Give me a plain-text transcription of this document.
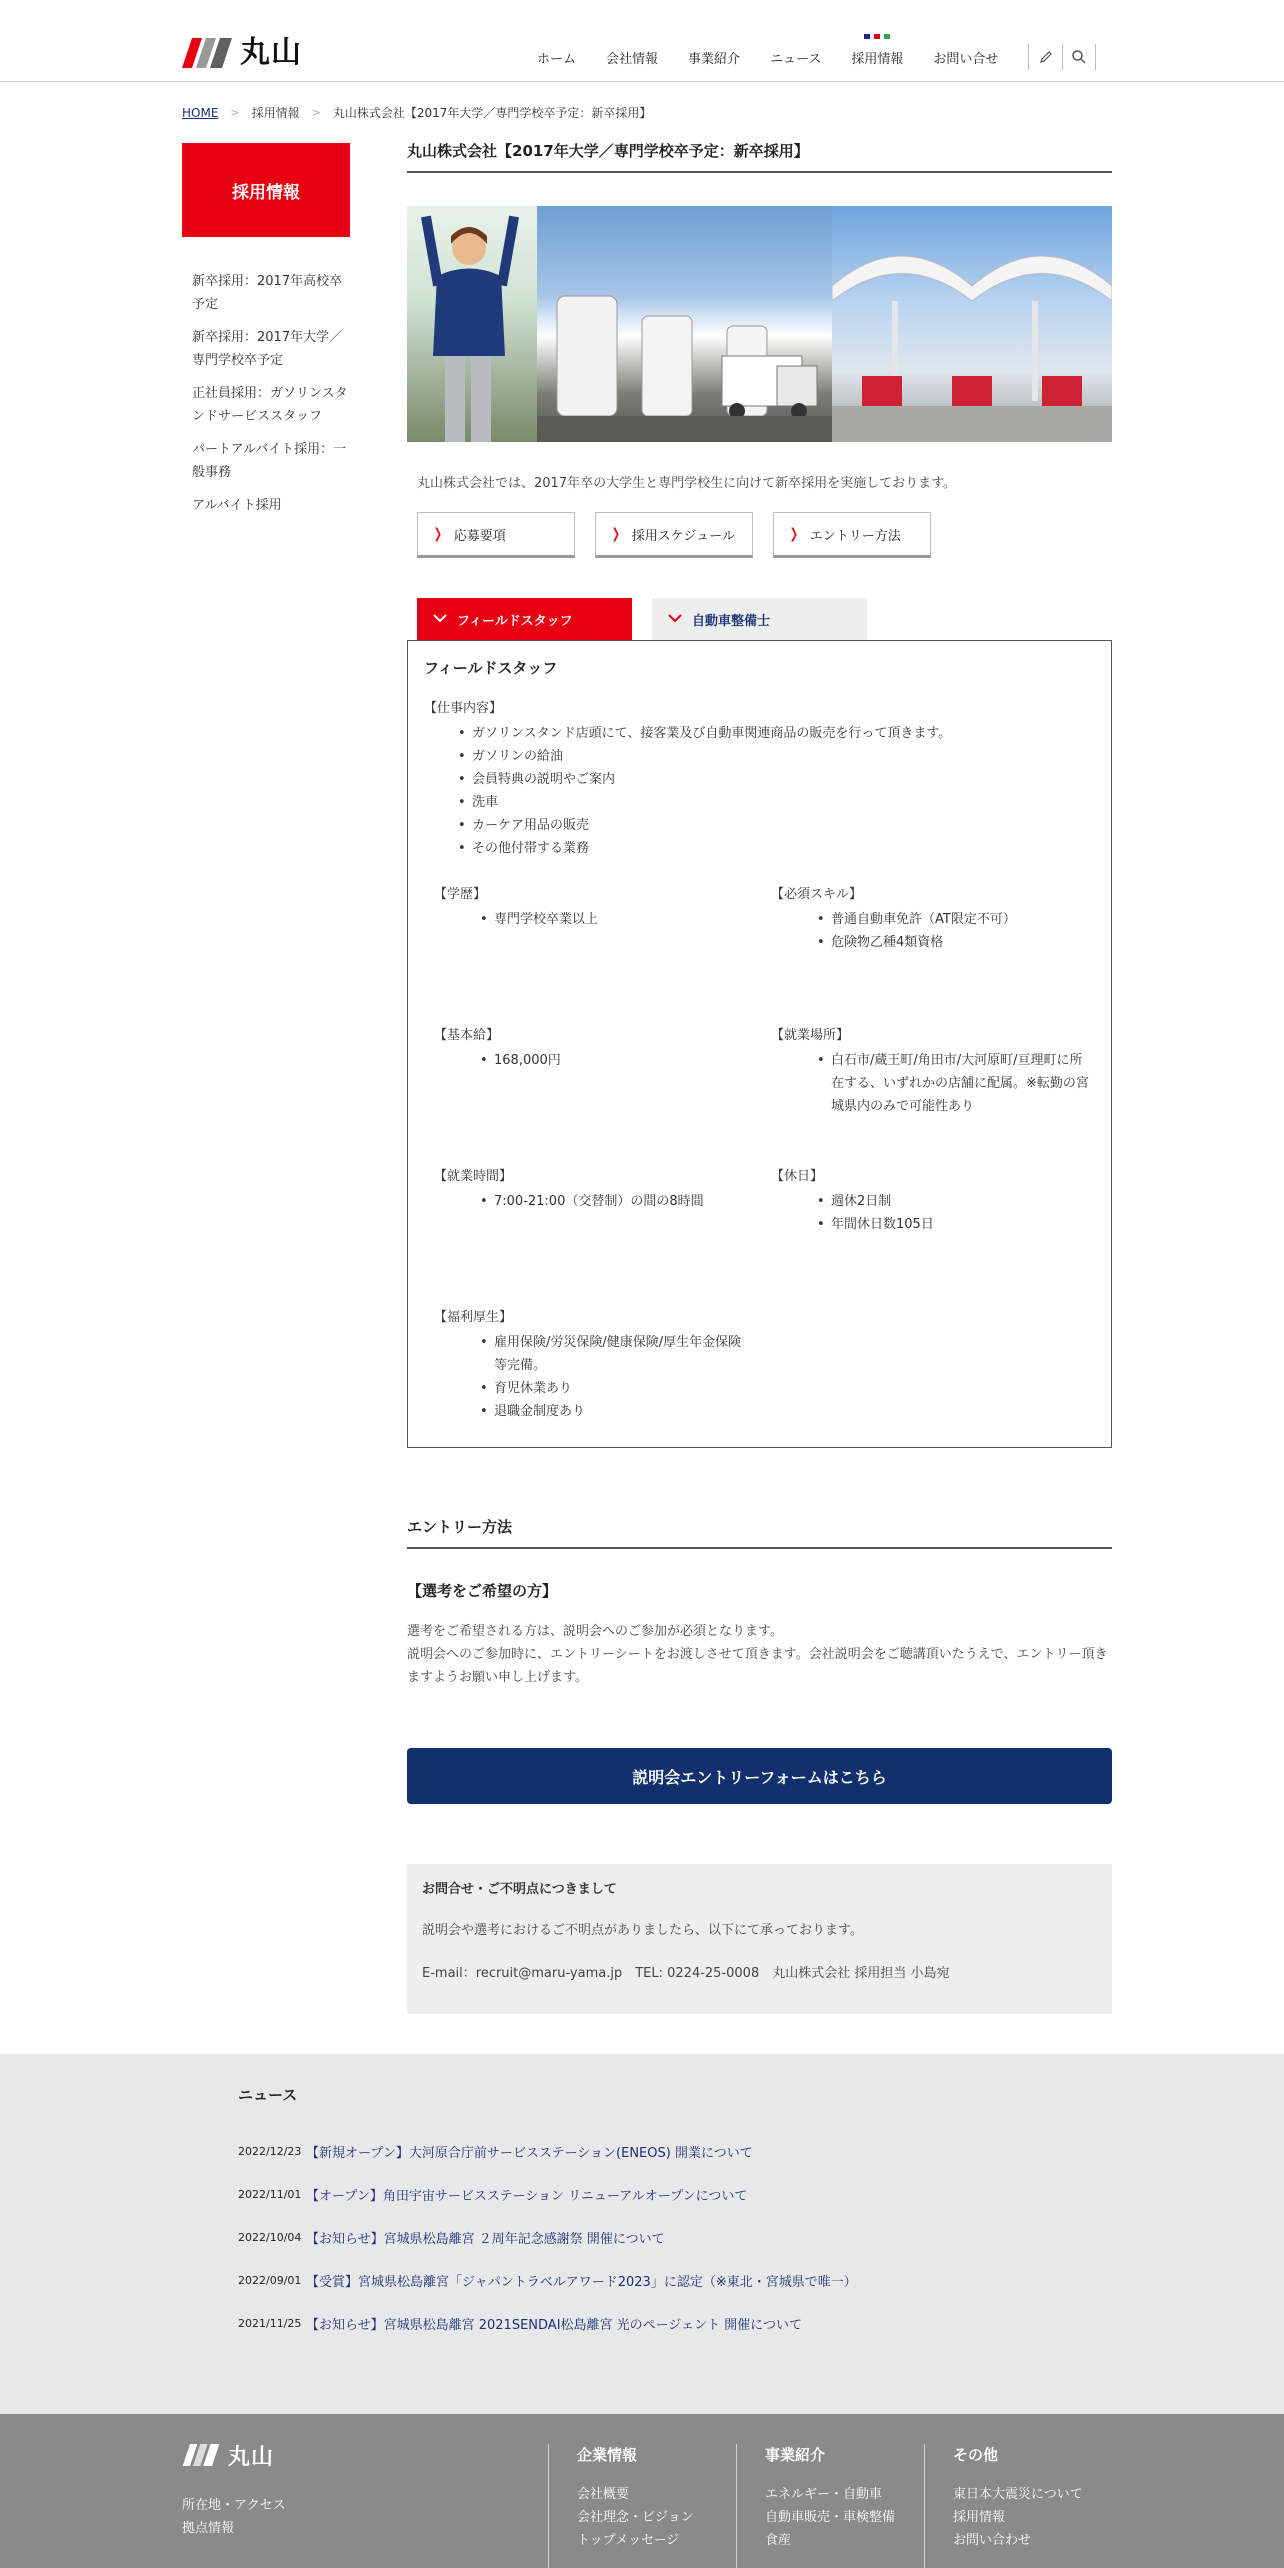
丸山	ホーム	会社情報	事業紹介	ニュース	採用情報	お問い合せ
HOME > 採用情報 > 丸山株式会社【2017年大学／専門学校卒予定：新卒採用】
採用情報
新卒採用：2017年高校卒予定
新卒採用：2017年大学／専門学校卒予定
正社員採用：ガソリンスタンドサービススタッフ
パートアルバイト採用：一般事務
アルバイト採用
丸山株式会社【2017年大学／専門学校卒予定：新卒採用】

丸山株式会社では、2017年卒の大学生と専門学校生に向けて新卒採用を実施しております。

❭ 応募要項	❭ 採用スケジュール	❭ エントリー方法
フィールドスタッフ	自動車整備士
フィールドスタッフ
【仕事内容】
• ガソリンスタンド店頭にて、接客業及び自動車関連商品の販売を行って頂きます。
• ガソリンの給油
• 会員特典の説明やご案内
• 洗車
• カーケア用品の販売
• その他付帯する業務
【学歴】
• 専門学校卒業以上
【必須スキル】
• 普通自動車免許（AT限定不可）
• 危険物乙種4類資格
【基本給】
• 168,000円
【就業場所】
• 白石市/蔵王町/角田市/大河原町/亘理町に所在する、いずれかの店舗に配属。※転勤の宮城県内のみで可能性あり
【就業時間】
• 7:00-21:00（交替制）の間の8時間
【休日】
• 週休2日制
• 年間休日数105日
【福利厚生】
• 雇用保険/労災保険/健康保険/厚生年金保険等完備。
• 育児休業あり
• 退職金制度あり
エントリー方法
【選考をご希望の方】

選考をご希望される方は、説明会へのご参加が必須となります。

説明会へのご参加時に、エントリーシートをお渡しさせて頂きます。会社説明会をご聴講頂いたうえで、エントリー頂きますようお願い申し上げます。

説明会エントリーフォームはこちら
お問合せ・ご不明点につきまして
説明会や選考におけるご不明点がありましたら、以下にて承っております。
E-mail：recruit@maru-yama.jp　TEL: 0224-25-0008　丸山株式会社 採用担当 小島宛
ニュース
2022/12/23 【新規オープン】大河原合庁前サービスステーション(ENEOS) 開業について
2022/11/01 【オープン】角田宇宙サービスステーション リニューアルオープンについて
2022/10/04 【お知らせ】宮城県松島離宮 ２周年記念感謝祭 開催について
2022/09/01 【受賞】宮城県松島離宮「ジャパントラベルアワード2023」に認定（※東北・宮城県で唯一）
2021/11/25 【お知らせ】宮城県松島離宮 2021SENDAI松島離宮 光のページェント 開催について
丸山
所在地・アクセス
拠点情報
企業情報
会社概要
会社理念・ビジョン
トップメッセージ
事業紹介
エネルギー・自動車
自動車販売・車検整備
食産
その他
東日本大震災について
採用情報
お問い合わせ
